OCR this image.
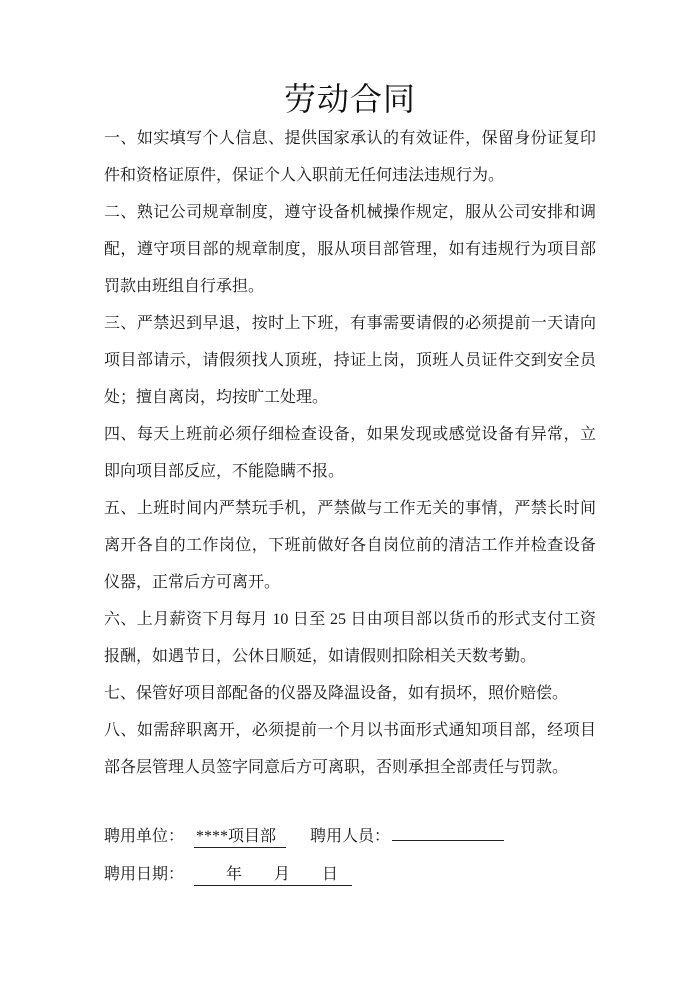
劳动合同

一、如实填写个人信息、提供国家承认的有效证件，保留身份证复印件和资格证原件，保证个人入职前无任何违法违规行为。

二、熟记公司规章制度，遵守设备机械操作规定，服从公司安排和调配，遵守项目部的规章制度，服从项目部管理，如有违规行为项目部罚款由班组自行承担。

三、严禁迟到早退，按时上下班，有事需要请假的必须提前一天请向项目部请示，请假须找人顶班，持证上岗，顶班人员证件交到安全员处；擅自离岗，均按旷工处理。

四、每天上班前必须仔细检查设备，如果发现或感觉设备有异常，立即向项目部反应，不能隐瞒不报。

五、上班时间内严禁玩手机，严禁做与工作无关的事情，严禁长时间离开各自的工作岗位，下班前做好各自岗位前的清洁工作并检查设备仪器，正常后方可离开。

六、上月薪资下月每月 10 日至 25 日由项目部以货币的形式支付工资报酬，如遇节日，公休日顺延，如请假则扣除相关天数考勤。

七、保管好项目部配备的仪器及降温设备，如有损坏，照价赔偿。

八、如需辞职离开，必须提前一个月以书面形式通知项目部，经项目部各层管理人员签字同意后方可离职，否则承担全部责任与罚款。

聘用单位： ****项目部 聘用人员：
聘用日期：　　年　　月　　日
